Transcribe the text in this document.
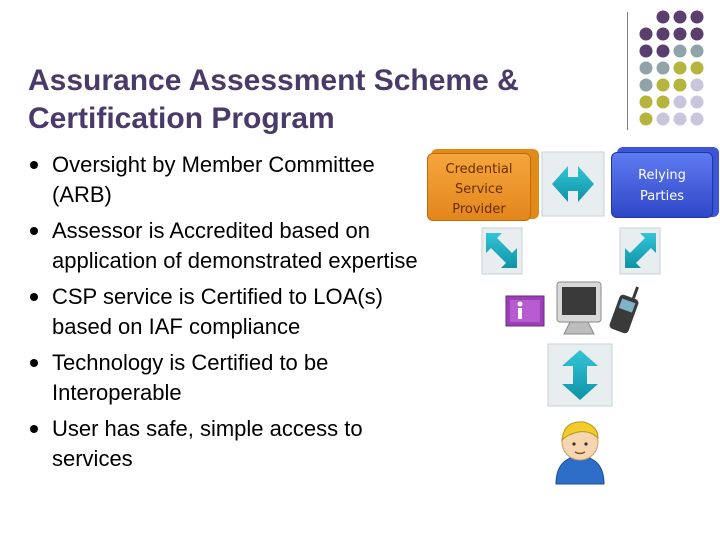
Assurance Assessment Scheme & Certification Program
Oversight by Member Committee (ARB)
Assessor is Accredited based on application of demonstrated expertise
CSP service is Certified to LOA(s) based on IAF compliance
Technology is Certified to be Interoperable
User has safe, simple access to services
Credential
Service
Provider
Relying
Parties
